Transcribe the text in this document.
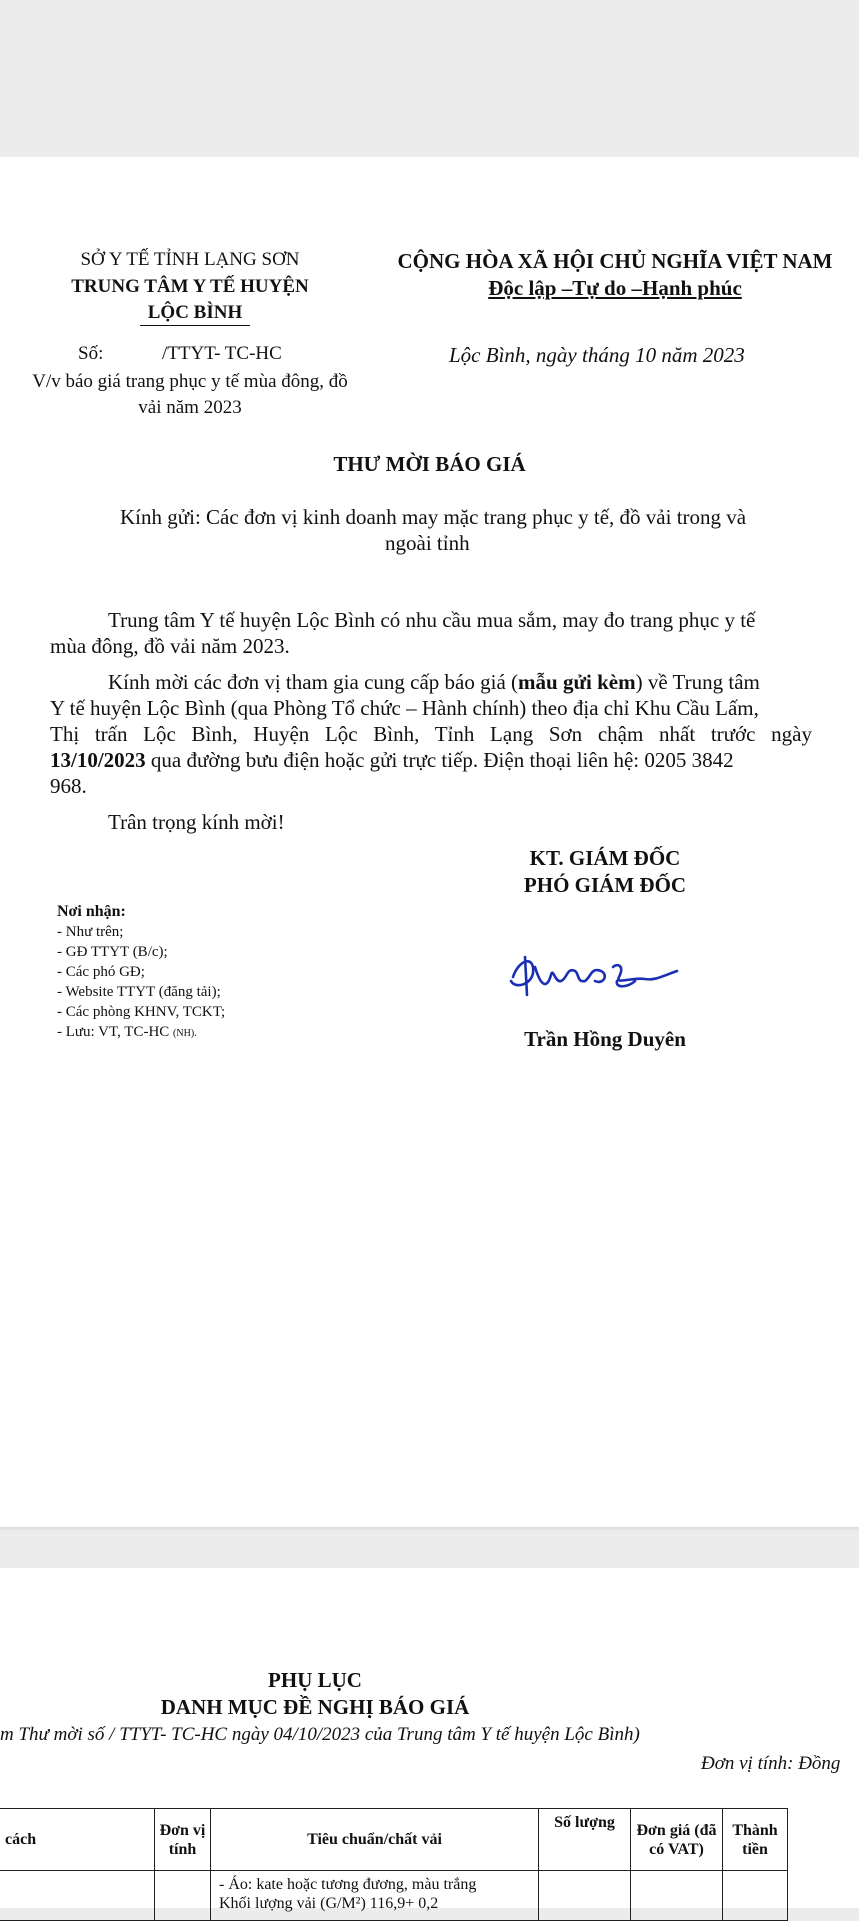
SỞ Y TẾ TỈNH LẠNG SƠN
TRUNG TÂM Y TẾ HUYỆN
LỘC BÌNH
CỘNG HÒA XÃ HỘI CHỦ NGHĨA VIỆT NAM
Độc lập –Tự do –Hạnh phúc
Số:	/TTYT- TC-HC	Lộc Bình, ngày tháng 10 năm 2023
V/v báo giá trang phục y tế mùa đông, đồ
vải năm 2023
THƯ MỜI BÁO GIÁ
Kính gửi: Các đơn vị kinh doanh may mặc trang phục y tế, đồ vải trong và
ngoài tỉnh
Trung tâm Y tế huyện Lộc Bình có nhu cầu mua sắm, may đo trang phục y tế
mùa đông, đồ vải năm 2023.
Kính mời các đơn vị tham gia cung cấp báo giá (mẫu gửi kèm) về Trung tâm
Y tế huyện Lộc Bình (qua Phòng Tổ chức – Hành chính) theo địa chỉ Khu Cầu Lấm,
Thị trấn Lộc Bình, Huyện Lộc Bình, Tỉnh Lạng Sơn chậm nhất trước ngày
13/10/2023 qua đường bưu điện hoặc gửi trực tiếp. Điện thoại liên hệ: 0205 3842
968.
Trân trọng kính mời!
KT. GIÁM ĐỐC
PHÓ GIÁM ĐỐC
Nơi nhận:
- Như trên;
- GĐ TTYT (B/c);
- Các phó GĐ;
- Website TTYT (đăng tải);
- Các phòng KHNV, TCKT;
- Lưu: VT, TC-HC (NH).	Trần Hồng Duyên
PHỤ LỤC
DANH MỤC ĐỀ NGHỊ BÁO GIÁ
m Thư mời số / TTYT- TC-HC ngày 04/10/2023 của Trung tâm Y tế huyện Lộc Bình)
Đơn vị tính: Đồng
cách	Đơn vị tính	Tiêu chuẩn/chất vải	Số lượng	Đơn giá (đã có VAT)	Thành tiền

		- Áo: kate hoặc tương đương, màu trắng
Khối lượng vải (G/M²) 116,9+ 0,2			
